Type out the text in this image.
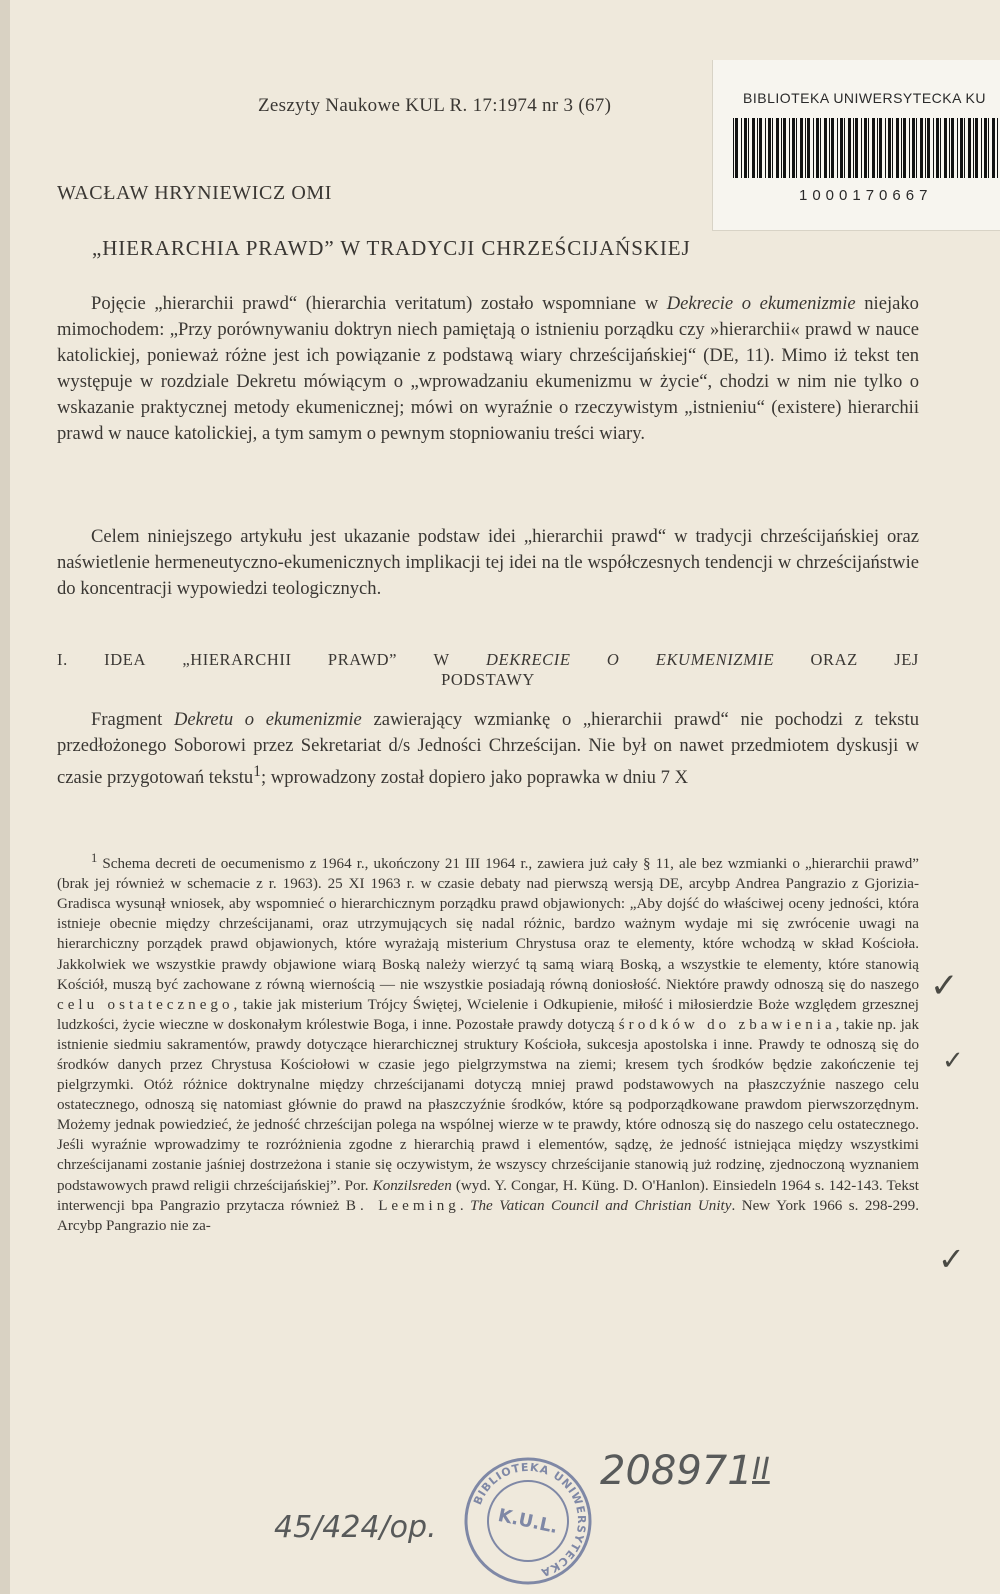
Zeszyty Naukowe KUL R. 17:1974 nr 3 (67)	BIBLIOTEKA UNIWERSYTECKA KU
1000170667
WACŁAW HRYNIEWICZ OMI
„HIERARCHIA PRAWD” W TRADYCJI CHRZEŚCIJAŃSKIEJ

Pojęcie „hierarchii prawd“ (hierarchia veritatum) zostało wspomniane w Dekrecie o ekumenizmie niejako mimochodem: „Przy porównywaniu doktryn niech pamiętają o istnieniu porządku czy »hierarchii« prawd w nauce katolickiej, ponieważ różne jest ich powiązanie z podstawą wiary chrześcijańskiej“ (DE, 11). Mimo iż tekst ten występuje w rozdziale Dekretu mówiącym o „wprowadzaniu ekumenizmu w życie“, chodzi w nim nie tylko o wskazanie praktycznej metody ekumenicznej; mówi on wyraźnie o rzeczywistym „istnieniu“ (existere) hierarchii prawd w nauce katolickiej, a tym samym o pewnym stopniowaniu treści wiary.

Celem niniejszego artykułu jest ukazanie podstaw idei „hierarchii prawd“ w tradycji chrześcijańskiej oraz naświetlenie hermeneutyczno-ekumenicznych implikacji tej idei na tle współczesnych tendencji w chrześcijaństwie do koncentracji wypowiedzi teologicznych.

I. IDEA „HIERARCHII PRAWD” W DEKRECIE O EKUMENIZMIE ORAZ JEJ
PODSTAWY

Fragment Dekretu o ekumenizmie zawierający wzmiankę o „hierarchii prawd“ nie pochodzi z tekstu przedłożonego Soborowi przez Sekretariat d/s Jedności Chrześcijan. Nie był on nawet przedmiotem dyskusji w czasie przygotowań tekstu$^1$; wprowadzony został dopiero jako poprawka w dniu 7 X

$^1$ Schema decreti de oecumenismo z 1964 r., ukończony 21 III 1964 r., zawiera już cały § 11, ale bez wzmianki o „hierarchii prawd” (brak jej również w schemacie z r. 1963). 25 XI 1963 r. w czasie debaty nad pierwszą wersją DE, arcybp Andrea Pangrazio z Gjorizia-Gradisca wysunął wniosek, aby wspomnieć o hierarchicznym porządku prawd objawionych: „Aby dojść do właściwej oceny jedności, która istnieje obecnie między chrześcijanami, oraz utrzymujących się nadal różnic, bardzo ważnym wydaje mi się zwrócenie uwagi na hierarchiczny porządek prawd objawionych, które wyrażają misterium Chrystusa oraz te elementy, które wchodzą w skład Kościoła. Jakkolwiek we wszystkie prawdy objawione wiarą Boską należy wierzyć tą samą wiarą Boską, a wszystkie te elementy, które stanowią Kościół, muszą być zachowane z równą wiernością — nie wszystkie posiadają równą doniosłość. Niektóre prawdy odnoszą się do naszego celu ostatecznego, takie jak misterium Trójcy Świętej, Wcielenie i Odkupienie, miłość i miłosierdzie Boże względem grzesznej ludzkości, życie wieczne w doskonałym królestwie Boga, i inne. Pozostałe prawdy dotyczą środków do zbawienia, takie np. jak istnienie siedmiu sakramentów, prawdy dotyczące hierarchicznej struktury Kościoła, sukcesja apostolska i inne. Prawdy te odnoszą się do środków danych przez Chrystusa Kościołowi w czasie jego pielgrzymstwa na ziemi; kresem tych środków będzie zakończenie tej pielgrzymki. Otóż różnice doktrynalne między chrześcijanami dotyczą mniej prawd podstawowych na płaszczyźnie naszego celu ostatecznego, odnoszą się natomiast głównie do prawd na płaszczyźnie środków, które są podporządkowane prawdom pierwszorzędnym. Możemy jednak powiedzieć, że jedność chrześcijan polega na wspólnej wierze w te prawdy, które odnoszą się do naszego celu ostatecznego. Jeśli wyraźnie wprowadzimy te rozróżnienia zgodne z hierarchią prawd i elementów, sądzę, że jedność istniejąca między wszystkimi chrześcijanami zostanie jaśniej dostrzeżona i stanie się oczywistym, że wszyscy chrześcijanie stanowią już rodzinę, zjednoczoną wyznaniem podstawowych prawd religii chrześcijańskiej”. Por. Konzilsreden (wyd. Y. Congar, H. Küng. D. O'Hanlon). Einsiedeln 1964 s. 142-143. Tekst interwencji bpa Pangrazio przytacza również B. Leeming. The Vatican Council and Christian Unity. New York 1966 s. 298-299. Arcybp Pangrazio nie za-

✓
✓
✓
208971 II
45/424/op.
BIBLIOTEKA UNIWERSYTECKA
K.U.L.
